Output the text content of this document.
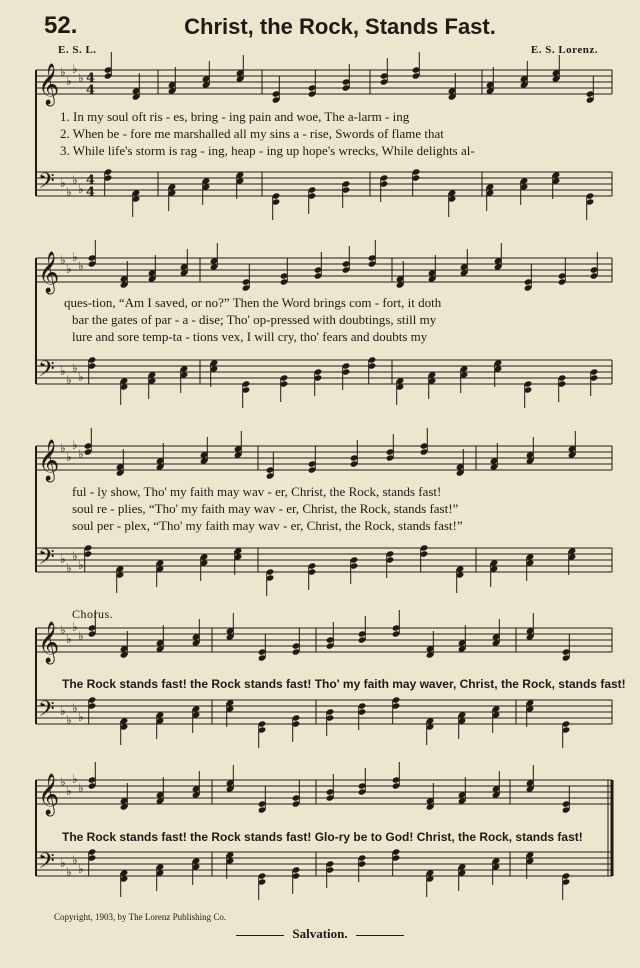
52.	Christ, the Rock, Stands Fast.
E. S. L.	E. S. Lorenz.
1. In my soul oft ris - es, bring - ing pain and woe, The a-larm - ing
2. When be - fore me marshalled all my sins a - rise, Swords of flame that
3. While life's storm is rag - ing, heap - ing up hope's wrecks, While delights al-
ques-tion, “Am I saved, or no?” Then the Word brings com - fort, it doth
bar the gates of par - a - dise; Tho' op-pressed with doubtings, still my
lure and sore temp-ta - tions vex, I will cry, tho' fears and doubts my
ful - ly show, Tho' my faith may wav - er, Christ, the Rock, stands fast!
soul re - plies, “Tho' my faith may wav - er, Christ, the Rock, stands fast!”
soul per - plex, “Tho' my faith may wav - er, Christ, the Rock, stands fast!”
Chorus.
The Rock stands fast! the Rock stands fast! Tho' my faith may waver, Christ, the Rock, stands fast!
The Rock stands fast! the Rock stands fast! Glo-ry be to God! Christ, the Rock, stands fast!
Copyright, 1903, by The Lorenz Publishing Co.
Salvation.
𝄞
𝄢
♭
♭
♭
♭
♭
♭
♭
♭
4
4
4
4
𝄞
𝄢
♭
♭
♭
♭
♭
♭
♭
♭
𝄞
𝄢
♭
♭
♭
♭
♭
♭
♭
♭
𝄞
𝄢
♭
♭
♭
♭
♭
♭
♭
♭
𝄞
𝄢
♭
♭
♭
♭
♭
♭
♭
♭
